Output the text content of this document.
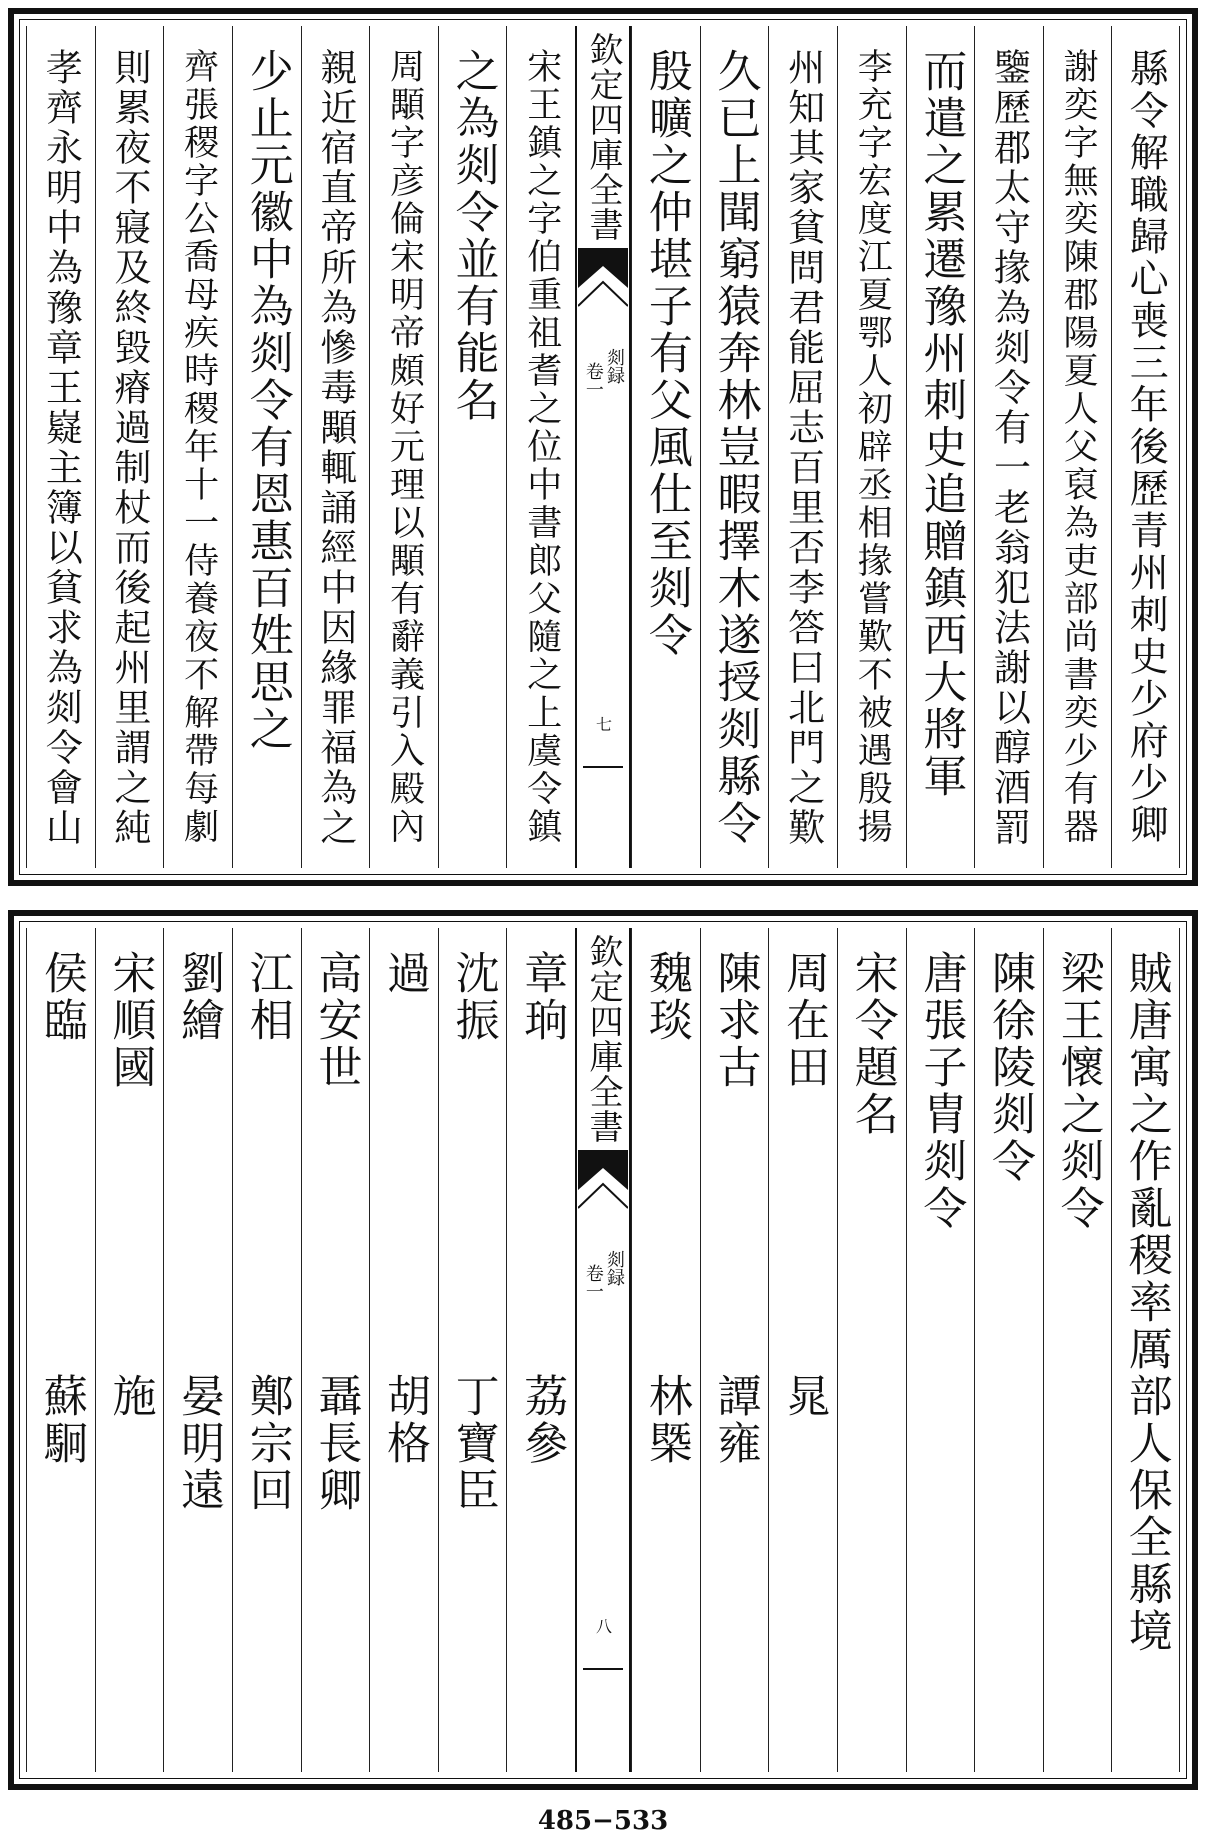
縣令解職歸心喪三年後歷青州刺史少府少卿
謝奕字無奕陳郡陽夏人父裒為吏部尚書奕少有器
鑒歷郡太守掾為剡令有一老翁犯法謝以醇酒罰
而遣之累遷豫州刺史追贈鎮西大將軍
李充字宏度江夏鄂人初辟丞相掾嘗歎不被遇殷揚
州知其家貧問君能屈志百里否李答曰北門之歎
久已上聞窮猿奔林豈暇擇木遂授剡縣令
殷曠之仲堪子有父風仕至剡令
欽定四庫全書
剡録
卷一
七
宋王鎮之字伯重祖耆之位中書郎父隨之上虞令鎮
之為剡令並有能名
周顒字彦倫宋明帝頗好元理以顒有辭義引入殿內
親近宿直帝所為慘毒顒輒誦經中因緣罪福為之
少止元徽中為剡令有恩惠百姓思之
齊張稷字公喬母疾時稷年十一侍養夜不解帶每劇
則累夜不寢及終毀瘠過制杖而後起州里謂之純
孝齊永明中為豫章王嶷主簿以貧求為剡令會山
賊唐寓之作亂稷率厲部人保全縣境
梁王懷之剡令
陳徐陵剡令
唐張子胄剡令
宋令題名
周在田
晁
陳求古
譚雍
魏琰
林槩
欽定四庫全書
剡録
卷一
八
章珦
荔參
沈振
丁寶臣
過
胡格
高安世
聶長卿
江相
鄭宗回
劉繪
晏明遠
宋順國
施
侯臨
蘇駉
485−533
